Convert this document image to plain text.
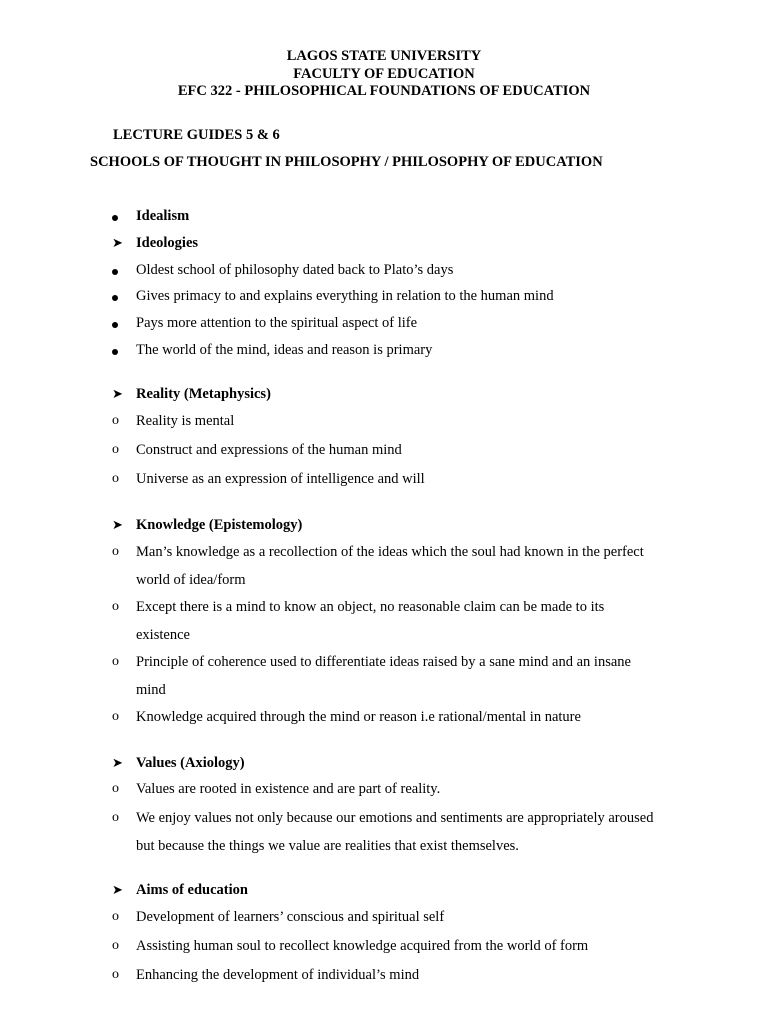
LAGOS STATE UNIVERSITY
FACULTY OF EDUCATION
EFC 322 - PHILOSOPHICAL FOUNDATIONS OF EDUCATION
LECTURE GUIDES 5 & 6
SCHOOLS OF THOUGHT IN PHILOSOPHY / PHILOSOPHY OF EDUCATION
Idealism
➤ Ideologies
Oldest school of philosophy dated back to Plato’s days
Gives primacy to and explains everything in relation to the human mind
Pays more attention to the spiritual aspect of life
The world of the mind, ideas and reason is primary
➤ Reality (Metaphysics)
o	Reality is mental
o	Construct and expressions of the human mind
o	Universe as an expression of intelligence and will
➤ Knowledge (Epistemology)
o	Man’s knowledge as a recollection of the ideas which the soul had known in the perfect
world of idea/form
o	Except there is a mind to know an object, no reasonable claim can be made to its
existence
o	Principle of coherence used to differentiate ideas raised by a sane mind and an insane
mind
o	Knowledge acquired through the mind or reason i.e rational/mental in nature
➤ Values (Axiology)
o	Values are rooted in existence and are part of reality.
o	We enjoy values not only because our emotions and sentiments are appropriately aroused
but because the things we value are realities that exist themselves.
➤ Aims of education
o	Development of learners’ conscious and spiritual self
o	Assisting human soul to recollect knowledge acquired from the world of form
o	Enhancing the development of individual’s mind
